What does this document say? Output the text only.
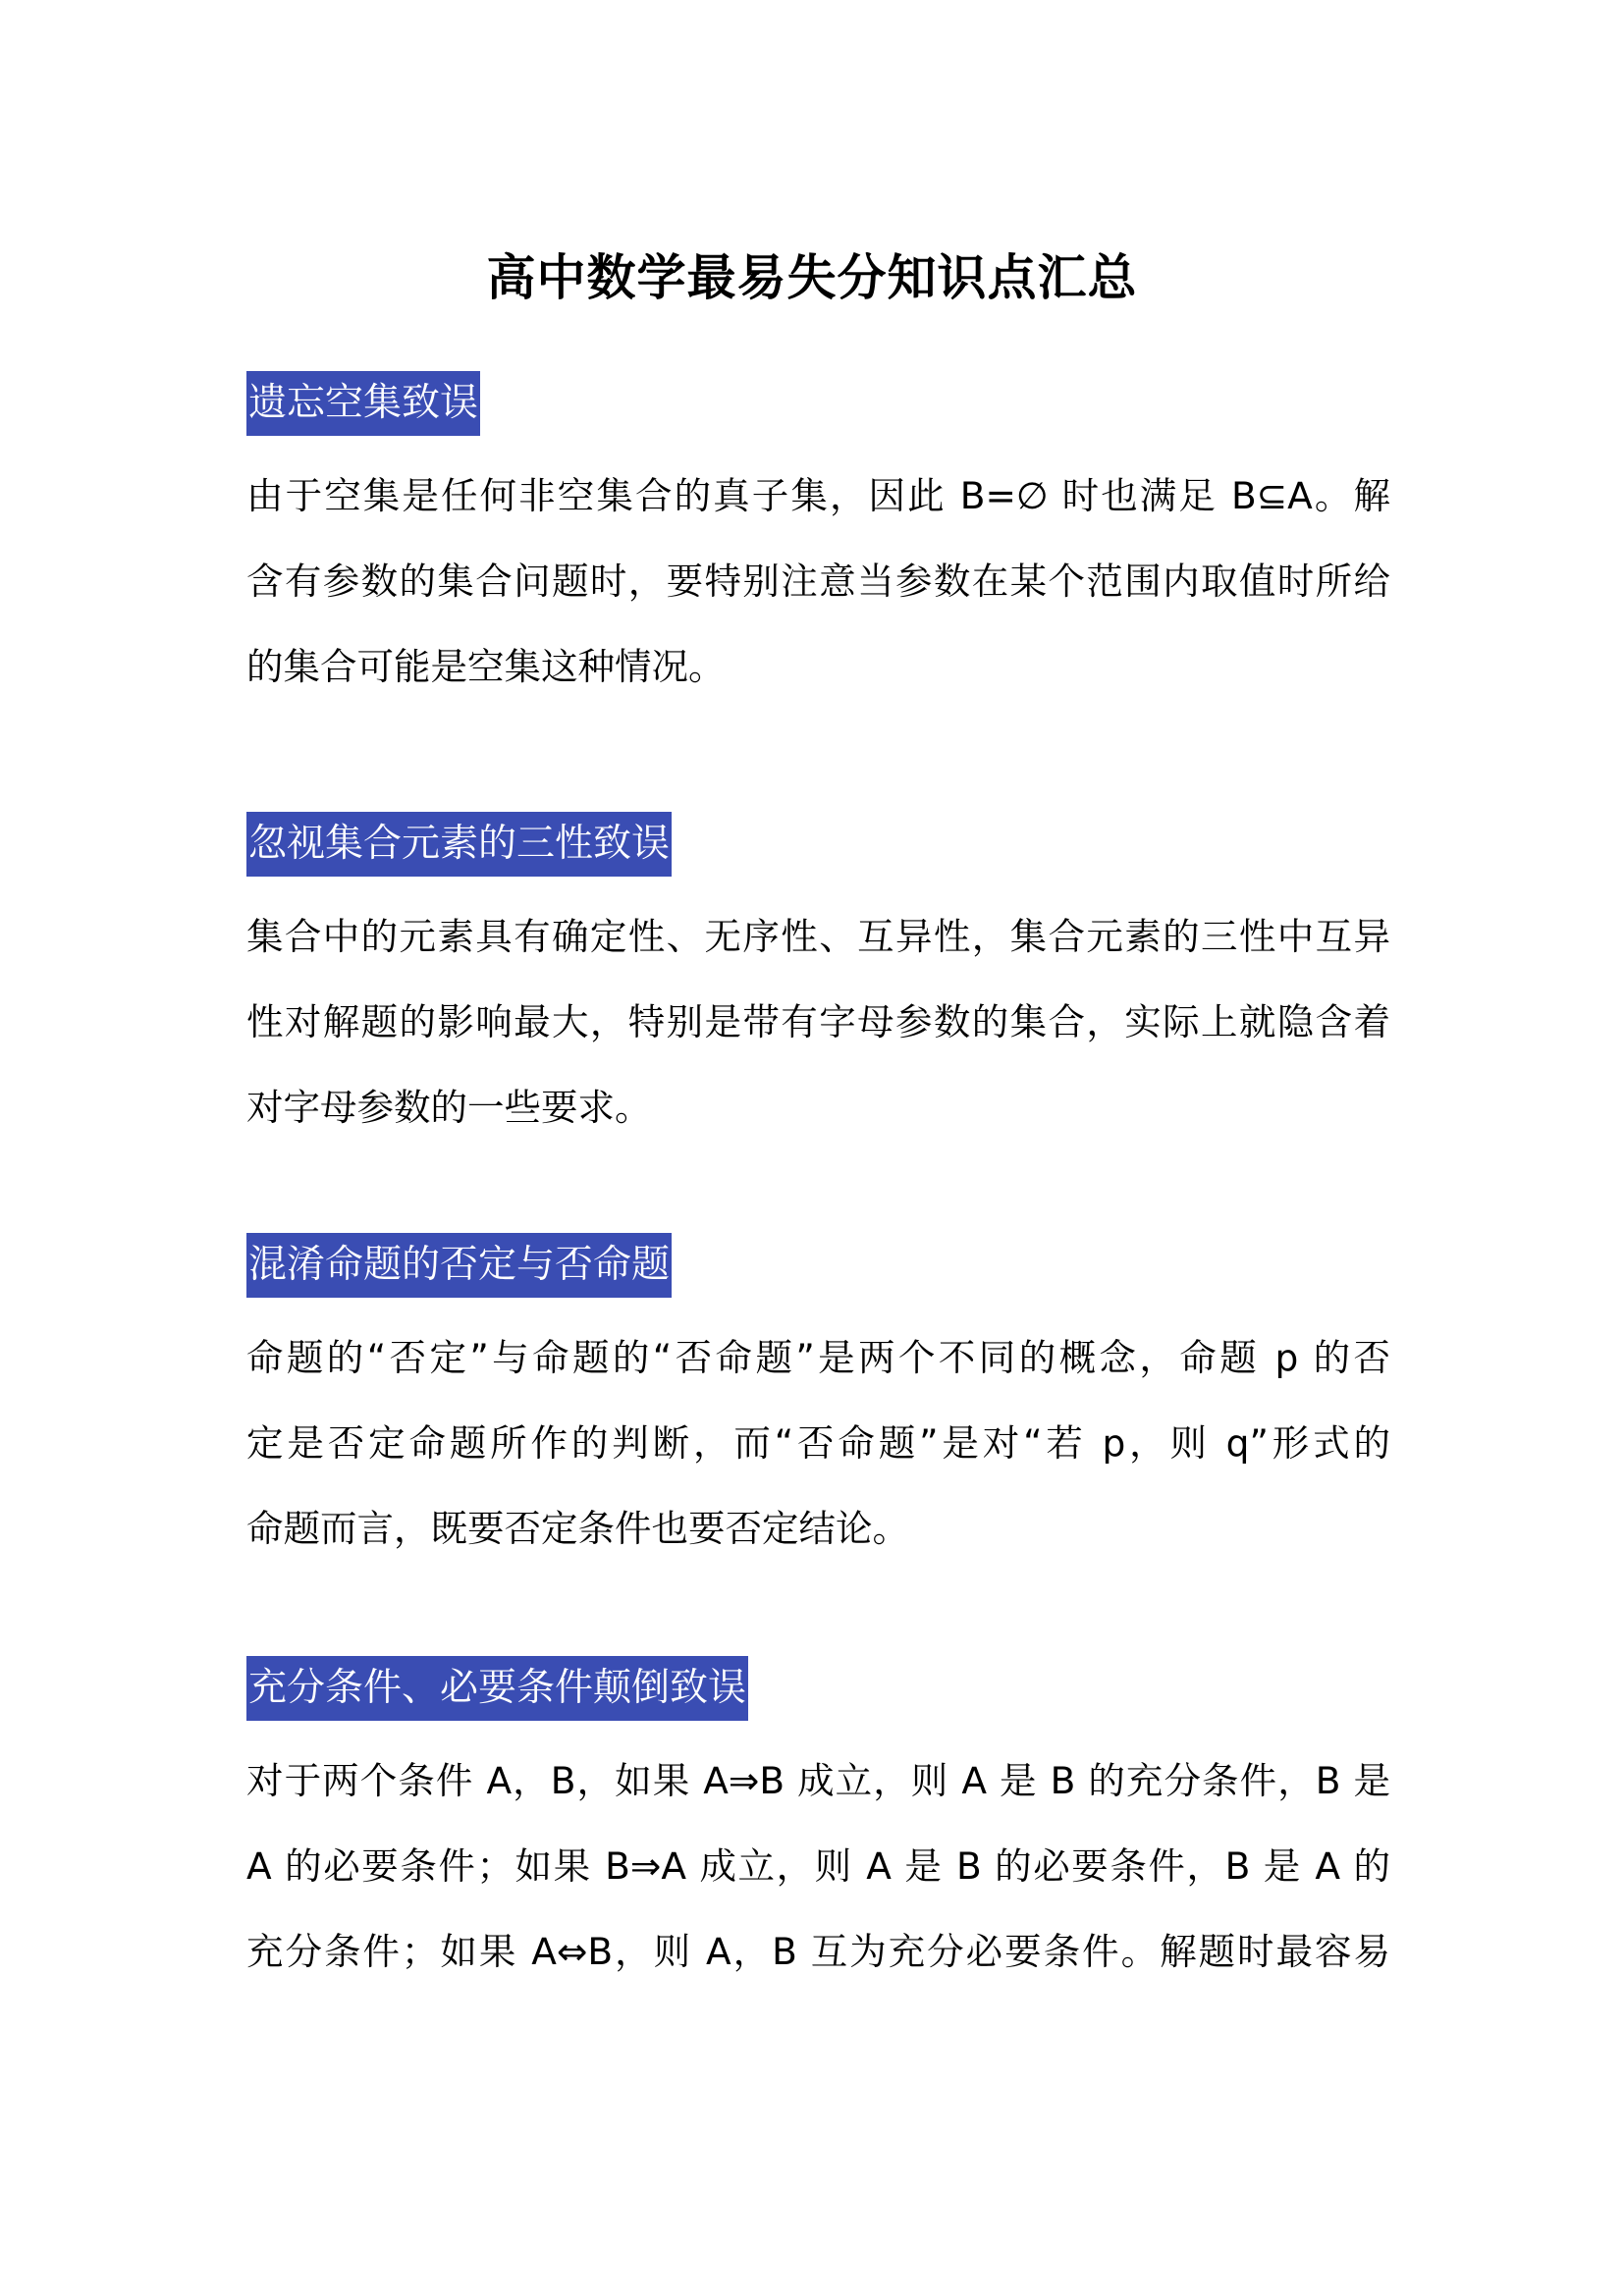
高中数学最易失分知识点汇总
遗忘空集致误
由于空集是任何非空集合的真子集，因此 B=∅ 时也满足 B⊆A。解
含有参数的集合问题时，要特别注意当参数在某个范围内取值时所给
的集合可能是空集这种情况。
忽视集合元素的三性致误
集合中的元素具有确定性、无序性、互异性，集合元素的三性中互异
性对解题的影响最大，特别是带有字母参数的集合，实际上就隐含着
对字母参数的一些要求。
混淆命题的否定与否命题
命题的“否定”与命题的“否命题”是两个不同的概念，命题 p 的否
定是否定命题所作的判断，而“否命题”是对“若 p，则 q”形式的
命题而言，既要否定条件也要否定结论。
充分条件、必要条件颠倒致误
对于两个条件 A，B，如果 A⇒B 成立，则 A 是 B 的充分条件，B 是
A 的必要条件；如果 B⇒A 成立，则 A 是 B 的必要条件，B 是 A 的
充分条件；如果 A⇔B，则 A，B 互为充分必要条件。解题时最容易
